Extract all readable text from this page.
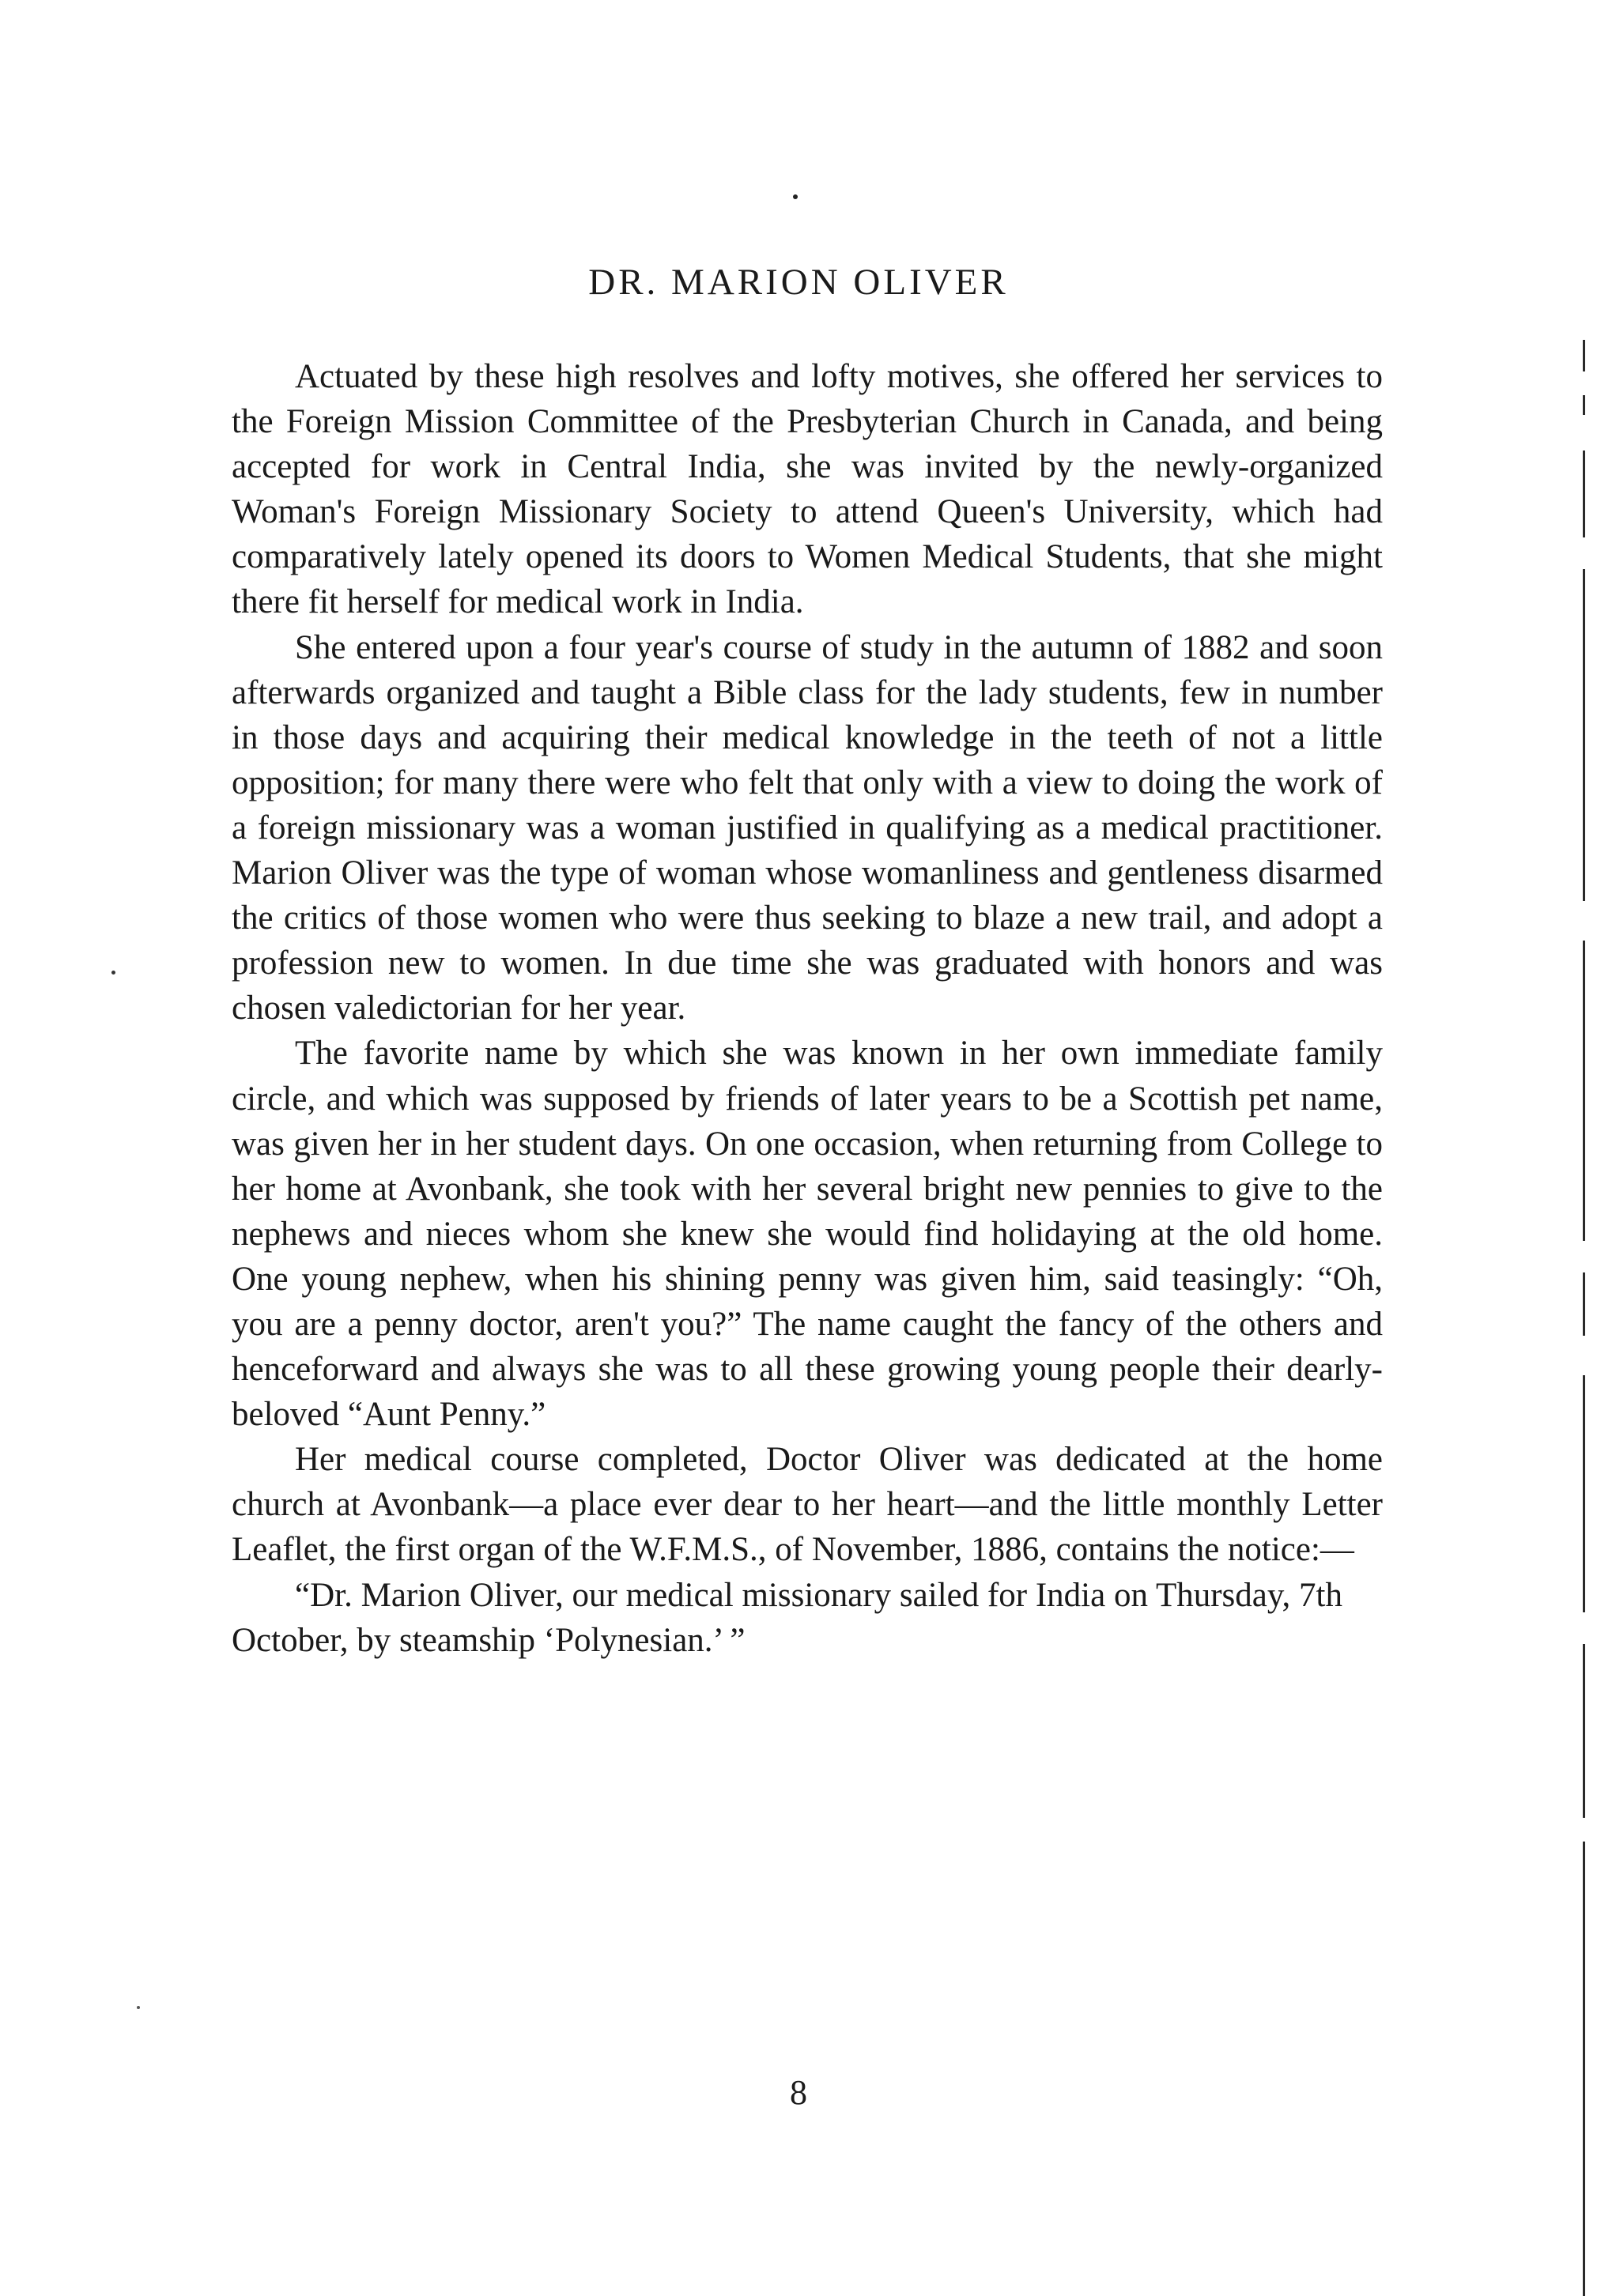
DR. MARION OLIVER

Actuated by these high resolves and lofty motives, she offered her services to the Foreign Mission Committee of the Presbyterian Church in Canada, and being accepted for work in Central India, she was invited by the newly-organized Woman's Foreign Missionary Society to attend Queen's University, which had comparatively lately opened its doors to Women Medical Students, that she might there fit herself for medical work in India.

She entered upon a four year's course of study in the autumn of 1882 and soon afterwards organized and taught a Bible class for the lady students, few in number in those days and acquiring their medical knowledge in the teeth of not a little opposition; for many there were who felt that only with a view to doing the work of a foreign missionary was a woman justified in qualifying as a medical practitioner. Marion Oliver was the type of woman whose womanliness and gentleness disarmed the critics of those women who were thus seeking to blaze a new trail, and adopt a profession new to women. In due time she was graduated with honors and was chosen valedictorian for her year.

The favorite name by which she was known in her own immediate family circle, and which was supposed by friends of later years to be a Scottish pet name, was given her in her student days. On one occasion, when returning from College to her home at Avonbank, she took with her several bright new pennies to give to the nephews and nieces whom she knew she would find holidaying at the old home. One young nephew, when his shining penny was given him, said teasingly: “Oh, you are a penny doctor, aren't you?” The name caught the fancy of the others and henceforward and always she was to all these growing young people their dearly-beloved “Aunt Penny.”

Her medical course completed, Doctor Oliver was dedicated at the home church at Avonbank—a place ever dear to her heart—and the little monthly Letter Leaflet, the first organ of the W.F.M.S., of November, 1886, contains the notice:—

“Dr. Marion Oliver, our medical missionary sailed for India on Thursday, 7th October, by steamship ‘Polynesian.’ ”

8
